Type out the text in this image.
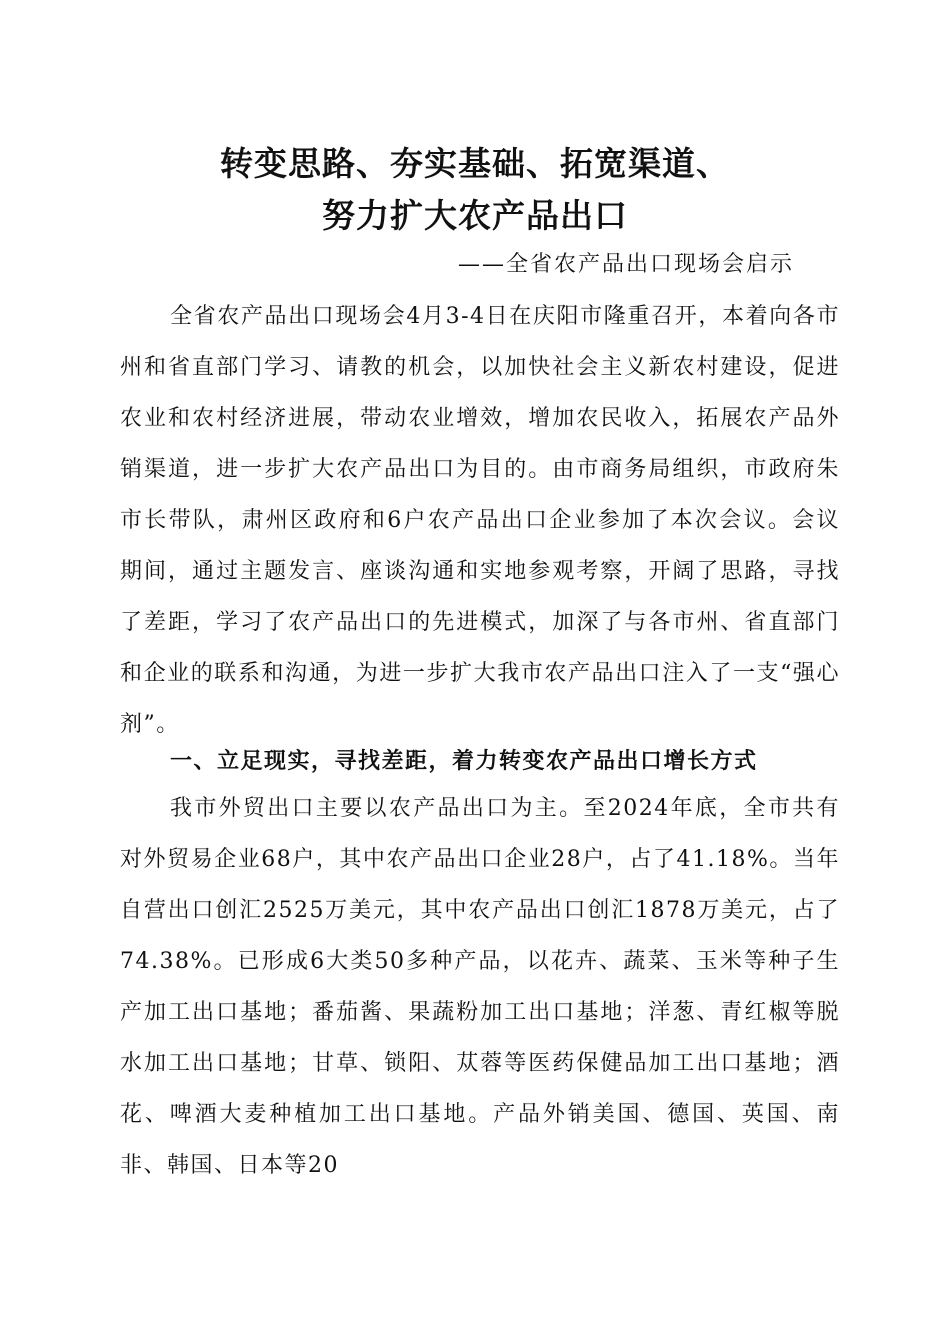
转变思路、夯实基础、拓宽渠道、
努力扩大农产品出口
——全省农产品出口现场会启示

全省农产品出口现场会4月3-4日在庆阳市隆重召开，本着向各市州和省直部门学习、请教的机会，以加快社会主义新农村建设，促进农业和农村经济进展，带动农业增效，增加农民收入，拓展农产品外销渠道，进一步扩大农产品出口为目的。由市商务局组织，市政府朱市长带队，肃州区政府和6户农产品出口企业参加了本次会议。会议期间，通过主题发言、座谈沟通和实地参观考察，开阔了思路，寻找了差距，学习了农产品出口的先进模式，加深了与各市州、省直部门和企业的联系和沟通，为进一步扩大我市农产品出口注入了一支“强心剂”。

一、立足现实，寻找差距，着力转变农产品出口增长方式

我市外贸出口主要以农产品出口为主。至2024年底，全市共有对外贸易企业68户，其中农产品出口企业28户，占了41.18%。当年自营出口创汇2525万美元，其中农产品出口创汇1878万美元，占了74.38%。已形成6大类50多种产品，以花卉、蔬菜、玉米等种子生产加工出口基地；番茄酱、果蔬粉加工出口基地；洋葱、青红椒等脱水加工出口基地；甘草、锁阳、苁蓉等医药保健品加工出口基地；酒花、啤酒大麦种植加工出口基地。产品外销美国、德国、英国、南非、韩国、日本等20
